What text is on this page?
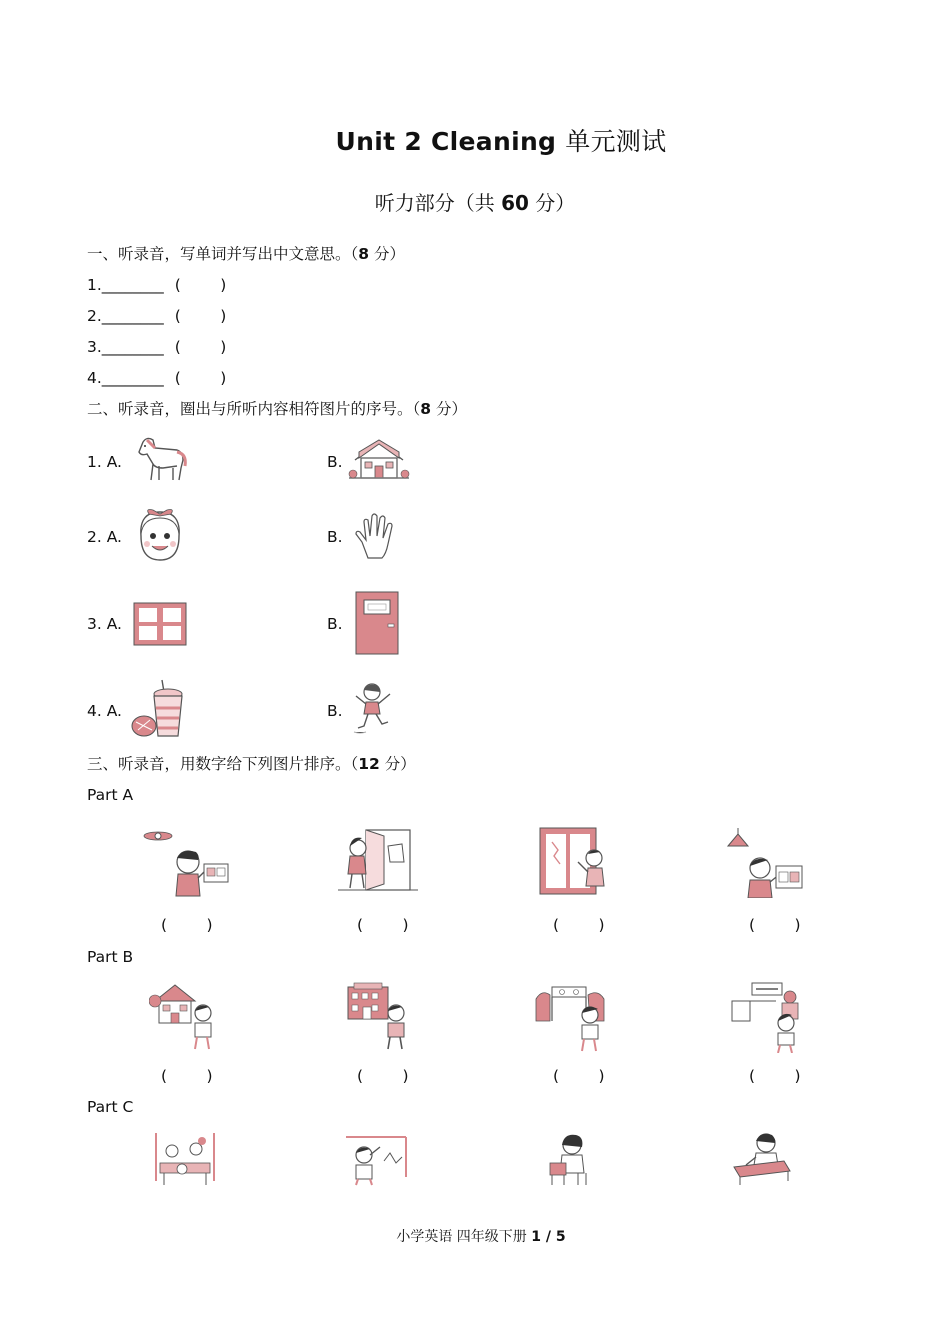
Unit 2 Cleaning 单元测试
听力部分（共 60 分）
一、听录音，写单词并写出中文意思。（8 分）
1.________ (        )
2.________ (        )
3.________ (        )
4.________ (        )
二、听录音，圈出与所听内容相符图片的序号。（8 分）
1. A.	B.
2. A.	B.
3. A.	B.
4. A.	B.
三、听录音，用数字给下列图片排序。（12 分）
Part A
(        )	(        )	(        )	(        )
Part B
(        )	(        )	(        )	(        )
Part C
小学英语 四年级下册 1 / 5
